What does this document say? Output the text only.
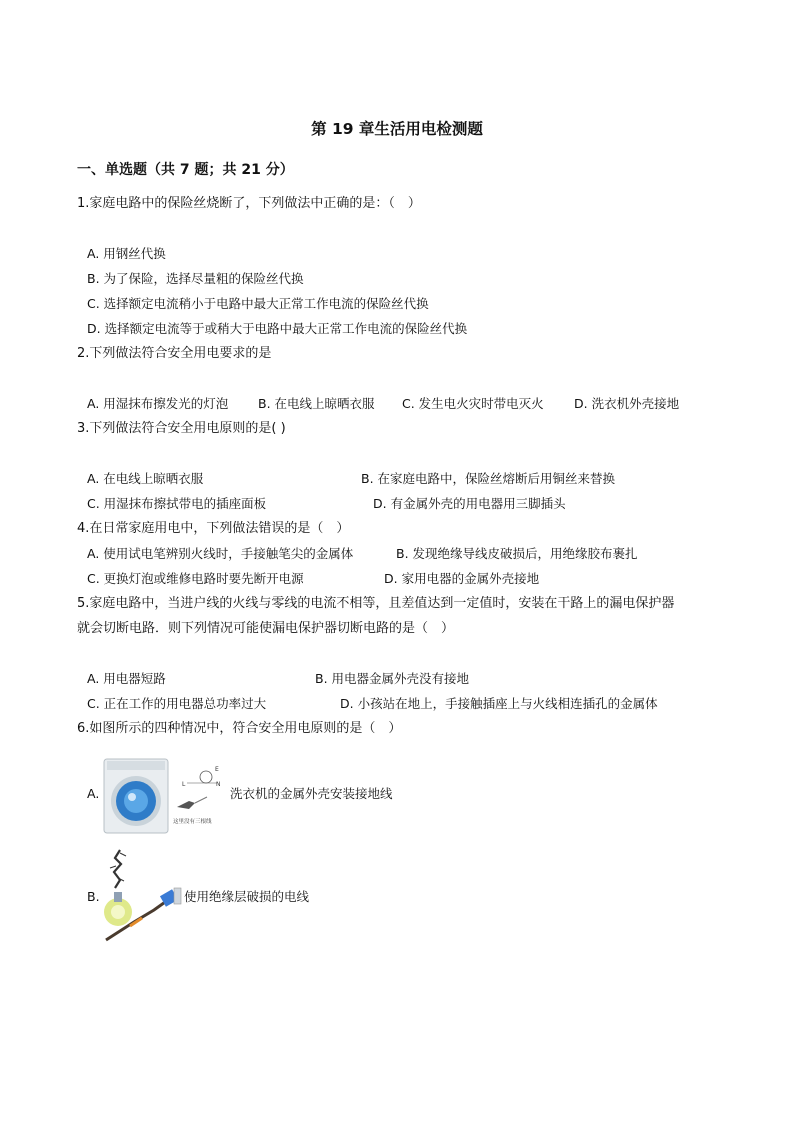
第 19 章生活用电检测题
一、单选题（共 7 题；共 21 分）
1.家庭电路中的保险丝烧断了，下列做法中正确的是：（　）
A. 用钢丝代换
B. 为了保险，选择尽量粗的保险丝代换
C. 选择额定电流稍小于电路中最大正常工作电流的保险丝代换
D. 选择额定电流等于或稍大于电路中最大正常工作电流的保险丝代换
2.下列做法符合安全用电要求的是
A. 用湿抹布擦发光的灯泡 B. 在电线上晾晒衣服 C. 发生电火灾时带电灭火 D. 洗衣机外壳接地
3.下列做法符合安全用电原则的是( )
A. 在电线上晾晒衣服	B. 在家庭电路中，保险丝熔断后用铜丝来替换
C. 用湿抹布擦拭带电的插座面板	D. 有金属外壳的用电器用三脚插头
4.在日常家庭用电中，下列做法错误的是（　）
A. 使用试电笔辨别火线时，手接触笔尖的金属体	B. 发现绝缘导线皮破损后，用绝缘胶布裹扎
C. 更换灯泡或维修电路时要先断开电源	D. 家用电器的金属外壳接地
5.家庭电路中，当进户线的火线与零线的电流不相等，且差值达到一定值时，安装在干路上的漏电保护器
就会切断电路．则下列情况可能使漏电保护器切断电路的是（　）
A. 用电器短路	B. 用电器金属外壳没有接地
C. 正在工作的用电器总功率过大	D. 小孩站在地上，手接触插座上与火线相连插孔的金属体
6.如图所示的四种情况中，符合安全用电原则的是（　）
A.
L	N
E
这里没有三根线
洗衣机的金属外壳安装接地线
B.	使用绝缘层破损的电线
